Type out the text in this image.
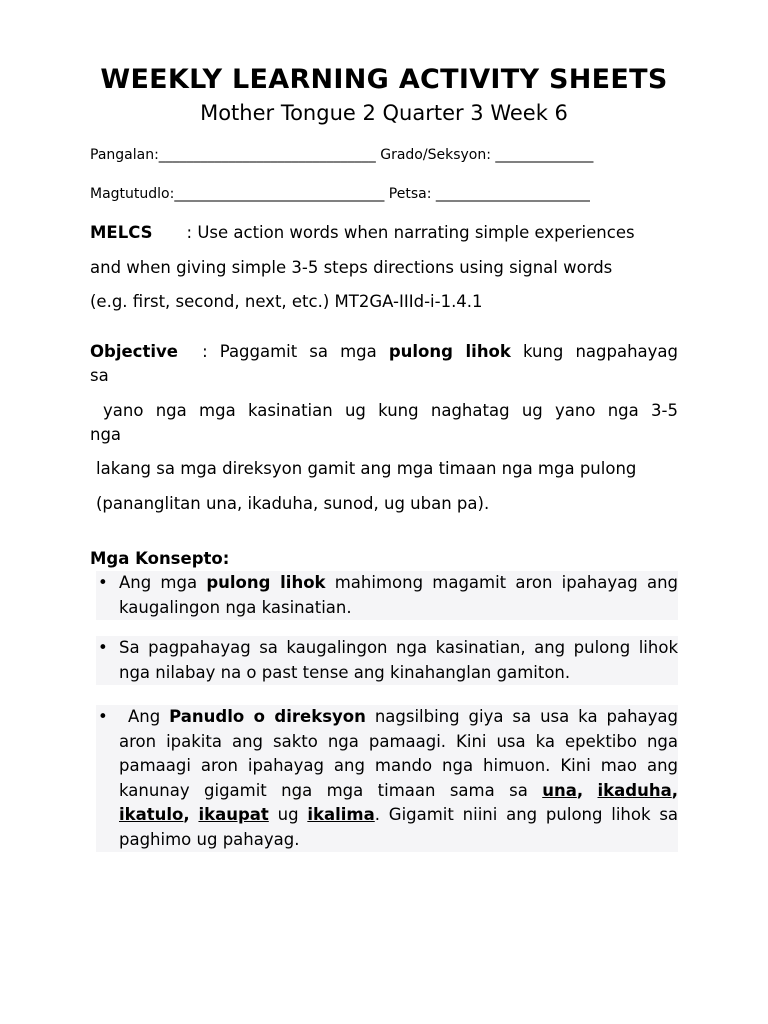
WEEKLY LEARNING ACTIVITY SHEETS
Mother Tongue 2 Quarter 3 Week 6
Pangalan:_______________________________ Grado/Seksyon: ______________
Magtutudlo:______________________________ Petsa: ______________________
MELCS : Use action words when narrating simple experiences
and when giving simple 3-5 steps directions using signal words
(e.g. first, second, next, etc.) MT2GA-IIId-i-1.4.1
Objective : Paggamit sa mga pulong lihok kung nagpahayag
sa
yano nga mga kasinatian ug kung naghatag ug yano nga 3-5
nga
lakang sa mga direksyon gamit ang mga timaan nga mga pulong
(pananglitan una, ikaduha, sunod, ug uban pa).
Mga Konsepto:
• Ang mga pulong lihok mahimong magamit aron ipahayag ang kaugalingon nga kasinatian.
• Sa pagpahayag sa kaugalingon nga kasinatian, ang pulong lihok nga nilabay na o past tense ang kinahanglan gamiton.
• Ang Panudlo o direksyon nagsilbing giya sa usa ka pahayag aron ipakita ang sakto nga pamaagi. Kini usa ka epektibo nga pamaagi aron ipahayag ang mando nga himuon. Kini mao ang kanunay gigamit nga mga timaan sama sa una, ikaduha, ikatulo, ikaupat ug ikalima. Gigamit niini ang pulong lihok sa paghimo ug pahayag.
